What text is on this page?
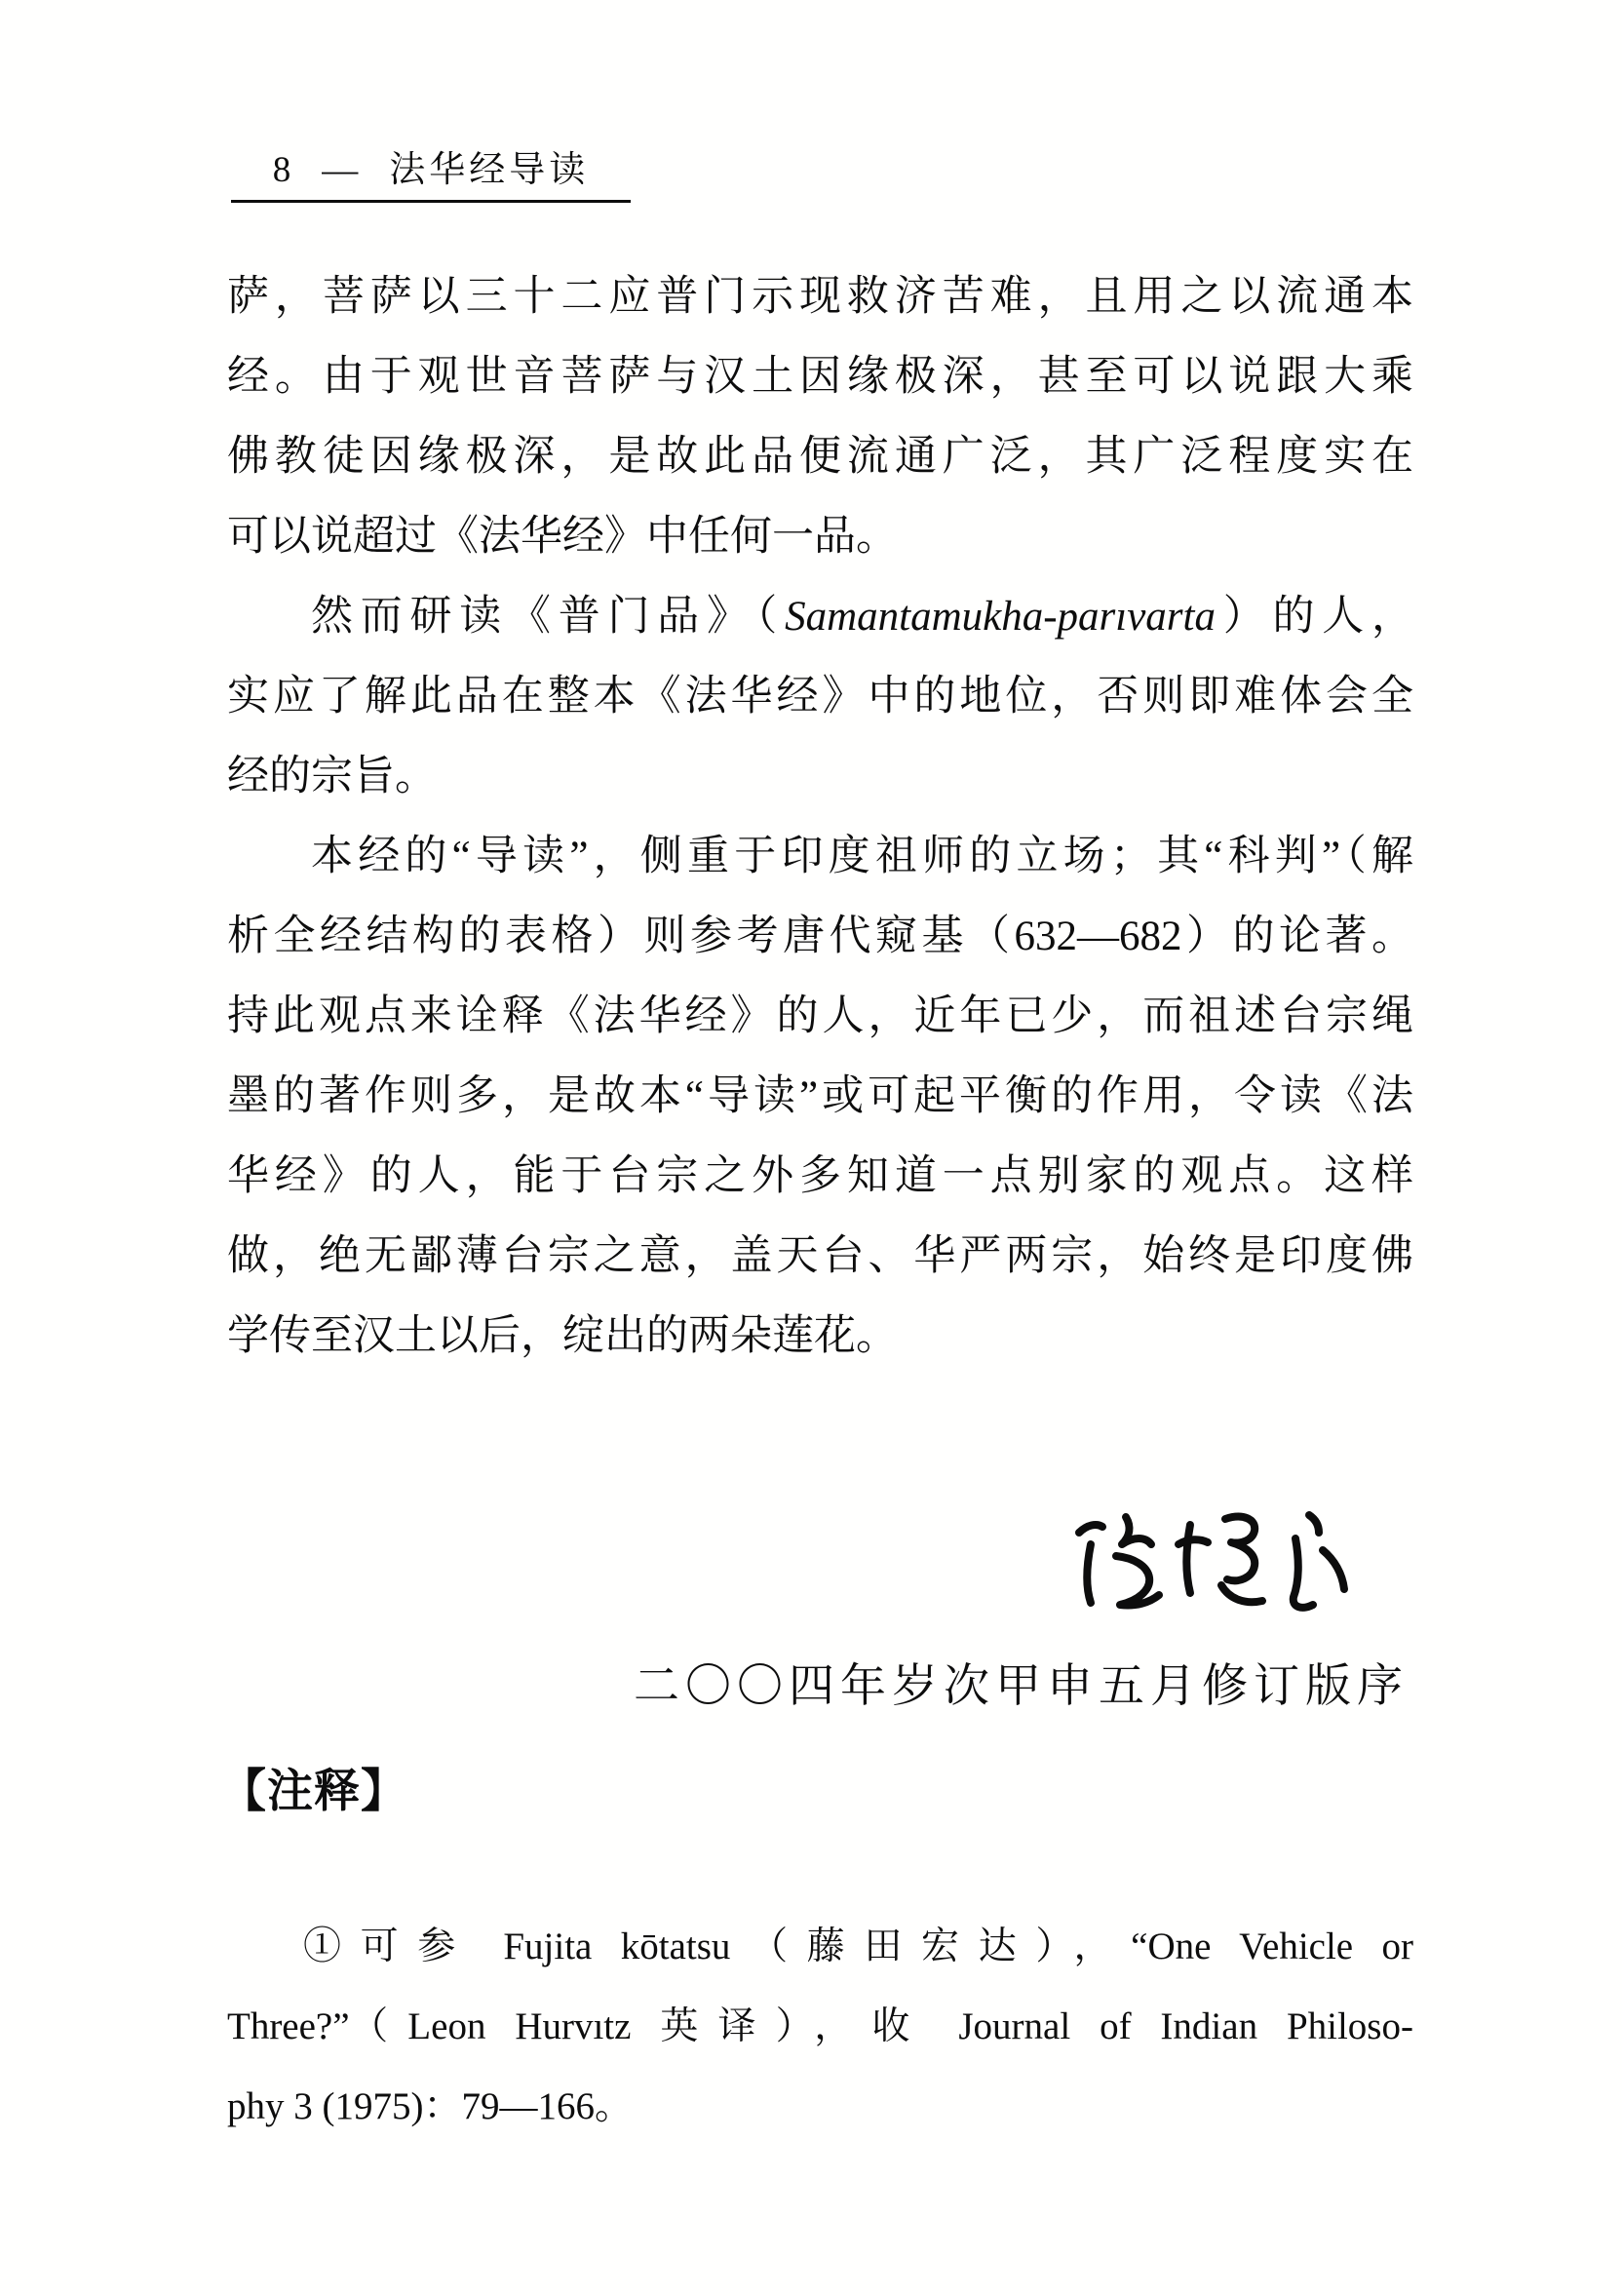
8 — 法华经导读
萨，菩萨以三十二应普门示现救济苦难，且用之以流通本
经。由于观世音菩萨与汉土因缘极深，甚至可以说跟大乘
佛教徒因缘极深，是故此品便流通广泛，其广泛程度实在
可以说超过《法华经》中任何一品。
然而研读《普门品》（Samantamukha-parıvarta）的人，
实应了解此品在整本《法华经》中的地位，否则即难体会全
经的宗旨。
本经的“导读”，侧重于印度祖师的立场；其“科判”（解
析全经结构的表格）则参考唐代窥基（632—682）的论著。
持此观点来诠释《法华经》的人，近年已少，而祖述台宗绳
墨的著作则多，是故本“导读”或可起平衡的作用，令读《法
华经》的人，能于台宗之外多知道一点别家的观点。这样
做，绝无鄙薄台宗之意，盖天台、华严两宗，始终是印度佛
学传至汉土以后，绽出的两朵莲花。
二〇〇四年岁次甲申五月修订版序
【注释】
①可参 Fujita kōtatsu（藤田宏达），“One Vehicle or
Three?”（Leon Hurvıtz 英译），收 Journal of Indian Philoso-
phy 3 (1975)：79—166。
